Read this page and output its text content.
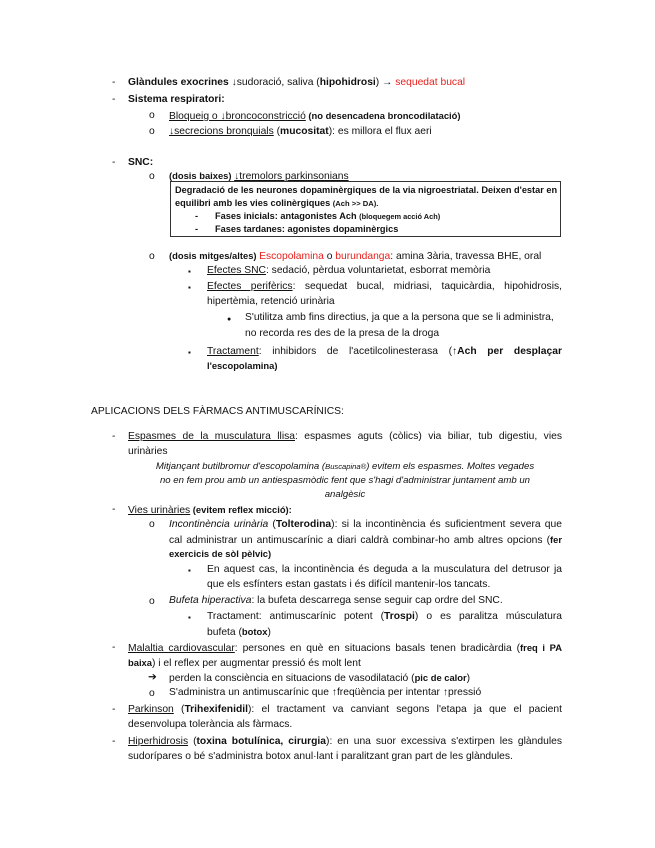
- Glàndules exocrines ↓sudoració, saliva (hipohidrosi) → sequedat bucal
- Sistema respiratori:
o Bloqueig o ↓broncoconstricció (no desencadena broncodilatació)
o ↓secrecions bronquials (mucositat): es millora el flux aeri
- SNC:
o (dosis baixes) ↓tremolors parkinsonians
Degradació de les neurones dopaminèrgiques de la via nigroestriatal. Deixen d'estar en
equilibri amb les vies colinèrgiques (Ach >> DA).
- Fases inicials: antagonistes Ach (bloquegem acció Ach)
- Fases tardanes: agonistes dopaminèrgics
o (dosis mitges/altes) Escopolamina o burundanga: amina 3ària, travessa BHE, oral
▪ Efectes SNC: sedació, pèrdua voluntarietat, esborrat memòria
▪ Efectes perifèrics: sequedat bucal, midriasi, taquicàrdia, hipohidrosis,
hipertèmia, retenció urinària
● S'utilitza amb fins directius, ja que a la persona que se li administra,
no recorda res des de la presa de la droga
▪ Tractament: inhibidors de l'acetilcolinesterasa (↑Ach per desplaçar
l'escopolamina)
APLICACIONS DELS FÀRMACS ANTIMUSCARÍNICS:
- Espasmes de la musculatura llisa: espasmes aguts (còlics) via biliar, tub digestiu, vies
urinàries
Mitjançant butilbromur d'escopolamina (Buscapina®) evitem els espasmes. Moltes vegades
no en fem prou amb un antiespasmòdic fent que s'hagi d'administrar juntament amb un
analgèsic
- Vies urinàries (evitem reflex micció):
o Incontinència urinària (Tolterodina): si la incontinència és suficientment severa que
cal administrar un antimuscarínic a diari caldrà combinar-ho amb altres opcions (fer
exercicis de sòl pèlvic)
▪ En aquest cas, la incontinència és deguda a la musculatura del detrusor ja
que els esfínters estan gastats i és difícil mantenir-los tancats.
o Bufeta hiperactiva: la bufeta descarrega sense seguir cap ordre del SNC.
▪ Tractament: antimuscarínic potent (Trospi) o es paralitza músculatura
bufeta (botox)
- Malaltia cardiovascular: persones en què en situacions basals tenen bradicàrdia (freq i PA
baixa) i el reflex per augmentar pressió és molt lent
➔ perden la consciència en situacions de vasodilatació (pic de calor)
o S'administra un antimuscarínic que ↑freqüència per intentar ↑pressió
- Parkinson (Trihexifenidil): el tractament va canviant segons l'etapa ja que el pacient
desenvolupa tolerància als fàrmacs.
- Hiperhidrosis (toxina botulínica, cirurgia): en una suor excessiva s'extirpen les glàndules
sudorípares o bé s'administra botox anul·lant i paralitzant gran part de les glàndules.
